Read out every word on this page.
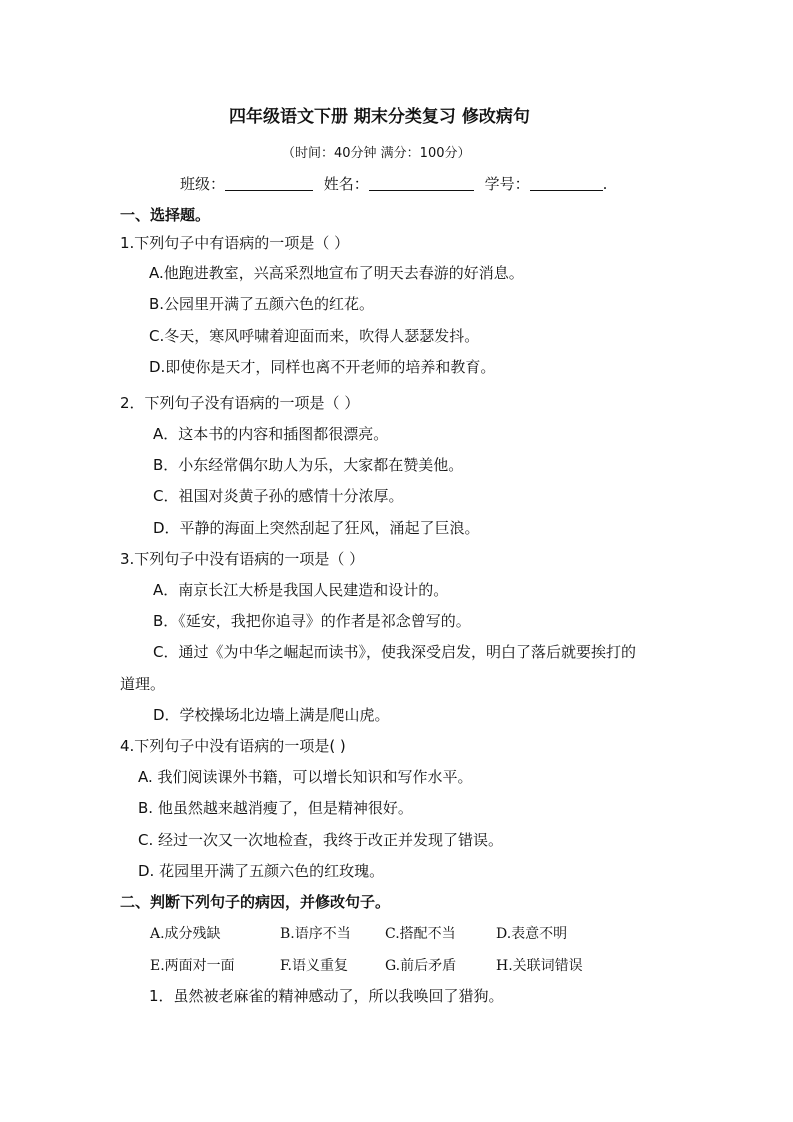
四年级语文下册 期末分类复习 修改病句
（时间：40分钟 满分：100分）
班级：	姓名：	学号：	.
一、选择题。
1.下列句子中有语病的一项是（ ）
A.他跑进教室，兴高采烈地宣布了明天去春游的好消息。
B.公园里开满了五颜六色的红花。
C.冬天，寒风呼啸着迎面而来，吹得人瑟瑟发抖。
D.即使你是天才，同样也离不开老师的培养和教育。
2．下列句子没有语病的一项是（ ）
A．这本书的内容和插图都很漂亮。
B．小东经常偶尔助人为乐，大家都在赞美他。
C．祖国对炎黄子孙的感情十分浓厚。
D．平静的海面上突然刮起了狂风，涌起了巨浪。
3.下列句子中没有语病的一项是（ ）
A．南京长江大桥是我国人民建造和设计的。
B．《延安，我把你追寻》的作者是祁念曾写的。
C．通过《为中华之崛起而读书》，使我深受启发，明白了落后就要挨打的
道理。
D．学校操场北边墙上满是爬山虎。
4.下列句子中没有语病的一项是( )
A. 我们阅读课外书籍，可以增长知识和写作水平。
B. 他虽然越来越消瘦了，但是精神很好。
C. 经过一次又一次地检查，我终于改正并发现了错误。
D. 花园里开满了五颜六色的红玫瑰。
二、判断下列句子的病因，并修改句子。
A.成分残缺	B.语序不当 C.搭配不当	D.表意不明
E.两面对一面	F.语义重复	G.前后矛盾	H.关联词错误
1．虽然被老麻雀的精神感动了，所以我唤回了猎狗。
